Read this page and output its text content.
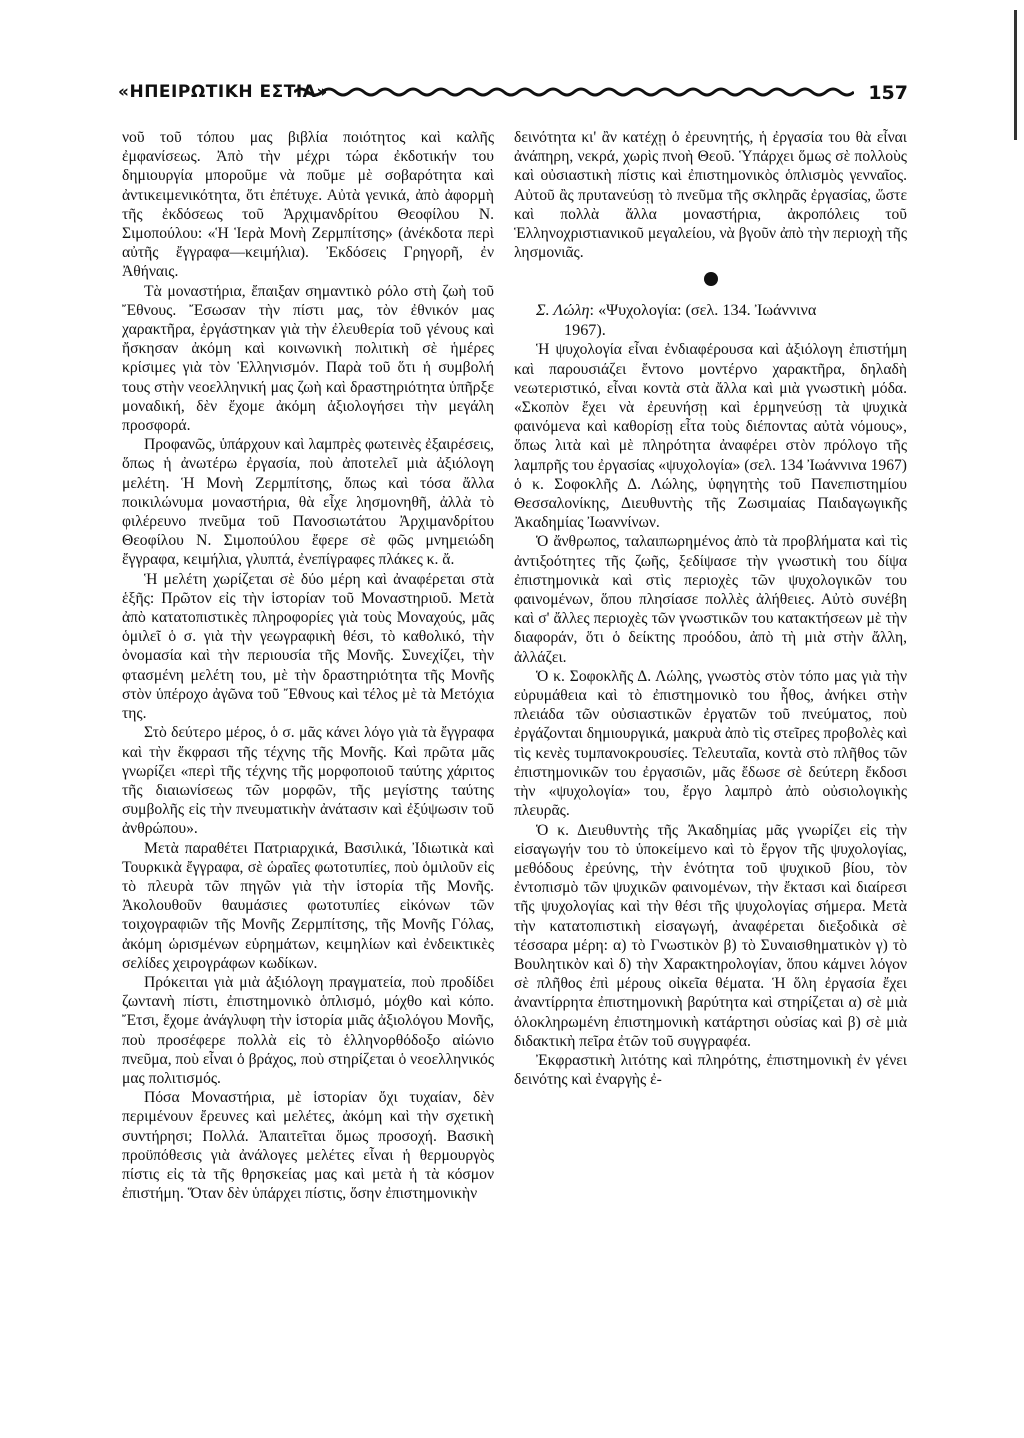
«ΗΠΕΙΡΩΤΙΚΗ ΕΣΤΙΑ»	157

νοῦ τοῦ τόπου μας βιβλία ποιότητος καὶ καλῆς ἐμφανίσεως. Ἀπὸ τὴν μέχρι τώρα ἐκδοτικήν του δημιουργία μποροῦμε νὰ ποῦμε μὲ σοβαρότητα καὶ ἀντικειμενικότητα, ὅτι ἐπέτυχε. Αὐτὰ γενικά, ἀπὸ ἀφορμὴ τῆς ἐκδόσεως τοῦ Ἀρχιμανδρίτου Θεοφίλου Ν. Σιμοπούλου: «Ἡ Ἱερὰ Μονὴ Ζερμπίτσης» (ἀνέκδοτα περὶ αὐτῆς ἔγγραφα—κειμήλια). Ἐκδόσεις Γρηγορῆ, ἐν Ἀθήναις.

Τὰ μοναστήρια, ἔπαιξαν σημαντικὸ ρόλο στὴ ζωὴ τοῦ Ἔθνους. Ἔσωσαν τὴν πίστι μας, τὸν ἐθνικόν μας χαρακτῆρα, ἐργάστηκαν γιὰ τὴν ἐλευθερία τοῦ γένους καὶ ἤσκησαν ἀκόμη καὶ κοινωνικὴ πολιτικὴ σὲ ἡμέρες κρίσιμες γιὰ τὸν Ἑλληνισμόν. Παρὰ τοῦ ὅτι ἡ συμβολή τους στὴν νεοελληνική μας ζωὴ καὶ δραστηριότητα ὑπῆρξε μοναδική, δὲν ἔχομε ἀκόμη ἀξιολογήσει τὴν μεγάλη προσφορά.

Προφανῶς, ὑπάρχουν καὶ λαμπρὲς φωτεινὲς ἐξαιρέσεις, ὅπως ἡ ἀνωτέρω ἐργασία, ποὺ ἀποτελεῖ μιὰ ἀξιόλογη μελέτη. Ἡ Μονὴ Ζερμπίτσης, ὅπως καὶ τόσα ἄλλα ποικιλώνυμα μοναστήρια, θὰ εἶχε λησμονηθῆ, ἀλλὰ τὸ φιλέρευνο πνεῦμα τοῦ Πανοσιωτάτου Ἀρχιμανδρίτου Θεοφίλου Ν. Σιμοπούλου ἔφερε σὲ φῶς μνημειώδη ἔγγραφα, κειμήλια, γλυπτά, ἐνεπίγραφες πλάκες κ. ἄ.

Ἡ μελέτη χωρίζεται σὲ δύο μέρη καὶ ἀναφέρεται στὰ ἑξῆς: Πρῶτον εἰς τὴν ἱστορίαν τοῦ Μοναστηριοῦ. Μετὰ ἀπὸ κατατοπιστικὲς πληροφορίες γιὰ τοὺς Μοναχούς, μᾶς ὁμιλεῖ ὁ σ. γιὰ τὴν γεωγραφικὴ θέσι, τὸ καθολικό, τὴν ὀνομασία καὶ τὴν περιουσία τῆς Μονῆς. Συνεχίζει, τὴν φτασμένη μελέτη του, μὲ τὴν δραστηριότητα τῆς Μονῆς στὸν ὑπέροχο ἀγῶνα τοῦ Ἔθνους καὶ τέλος μὲ τὰ Μετόχια της.

Στὸ δεύτερο μέρος, ὁ σ. μᾶς κάνει λόγο γιὰ τὰ ἔγγραφα καὶ τὴν ἔκφρασι τῆς τέχνης τῆς Μονῆς. Καὶ πρῶτα μᾶς γνωρίζει «περὶ τῆς τέχνης τῆς μορφοποιοῦ ταύτης χάριτος τῆς διαιωνίσεως τῶν μορφῶν, τῆς μεγίστης ταύτης συμβολῆς εἰς τὴν πνευματικὴν ἀνάτασιν καὶ ἐξύψωσιν τοῦ ἀνθρώπου».

Μετὰ παραθέτει Πατριαρχικά, Βασιλικά, Ἰδιωτικὰ καὶ Τουρκικὰ ἔγγραφα, σὲ ὡραῖες φωτοτυπίες, ποὺ ὁμιλοῦν εἰς τὸ πλευρὰ τῶν πηγῶν γιὰ τὴν ἱστορία τῆς Μονῆς. Ἀκολουθοῦν θαυμάσιες φωτοτυπίες εἰκόνων τῶν τοιχογραφιῶν τῆς Μονῆς Ζερμπίτσης, τῆς Μονῆς Γόλας, ἀκόμη ὡρισμένων εὑρημάτων, κειμηλίων καὶ ἐνδεικτικὲς σελίδες χειρογράφων κωδίκων.

Πρόκειται γιὰ μιὰ ἀξιόλογη πραγματεία, ποὺ προδίδει ζωντανὴ πίστι, ἐπιστημονικὸ ὁπλισμό, μόχθο καὶ κόπο. Ἔτσι, ἔχομε ἀνάγλυφη τὴν ἱστορία μιᾶς ἀξιολόγου Μονῆς, ποὺ προσέφερε πολλὰ εἰς τὸ ἑλληνορθόδοξο αἰώνιο πνεῦμα, ποὺ εἶναι ὁ βράχος, ποὺ στηρίζεται ὁ νεοελληνικός μας πολιτισμός.

Πόσα Μοναστήρια, μὲ ἱστορίαν ὄχι τυχαίαν, δὲν περιμένουν ἔρευνες καὶ μελέτες, ἀκόμη καὶ τὴν σχετικὴ συντήρησι; Πολλά. Ἀπαιτεῖται ὅμως προσοχή. Βασικὴ προϋπόθεσις γιὰ ἀνάλογες μελέτες εἶναι ἡ θερμουργὸς πίστις εἰς τὰ τῆς θρησκείας μας καὶ μετὰ ἡ τὰ κόσμον ἐπιστήμη. Ὅταν δὲν ὑπάρχει πίστις, ὅσην ἐπιστημονικὴν

δεινότητα κι' ἂν κατέχῃ ὁ ἐρευνητής, ἡ ἐργασία του θὰ εἶναι ἀνάπηρη, νεκρά, χωρὶς πνοὴ Θεοῦ. Ὑπάρχει ὅμως σὲ πολλοὺς καὶ οὐσιαστικὴ πίστις καὶ ἐπιστημονικὸς ὁπλισμὸς γενναῖος. Αὐτοῦ ἂς πρυτανεύσῃ τὸ πνεῦμα τῆς σκληρᾶς ἐργασίας, ὥστε καὶ πολλὰ ἄλλα μοναστήρια, ἀκροπόλεις τοῦ Ἑλληνοχριστιανικοῦ μεγαλείου, νὰ βγοῦν ἀπὸ τὴν περιοχὴ τῆς λησμονιᾶς.

Σ. Λώλη: «Ψυχολογία: (σελ. 134. Ἰωάννινα
1967).

Ἡ ψυχολογία εἶναι ἐνδιαφέρουσα καὶ ἀξιόλογη ἐπιστήμη καὶ παρουσιάζει ἔντονο μοντέρνο χαρακτῆρα, δηλαδὴ νεωτεριστικό, εἶναι κοντὰ στὰ ἄλλα καὶ μιὰ γνωστικὴ μόδα. «Σκοπὸν ἔχει νὰ ἐρευνήσῃ καὶ ἑρμηνεύσῃ τὰ ψυχικὰ φαινόμενα καὶ καθορίσῃ εἶτα τοὺς διέποντας αὐτὰ νόμους», ὅπως λιτὰ καὶ μὲ πληρότητα ἀναφέρει στὸν πρόλογο τῆς λαμπρῆς του ἐργασίας «ψυχολογία» (σελ. 134 Ἰωάννινα 1967) ὁ κ. Σοφοκλῆς Δ. Λώλης, ὑφηγητὴς τοῦ Πανεπιστημίου Θεσσαλονίκης, Διευθυντὴς τῆς Ζωσιμαίας Παιδαγωγικῆς Ἀκαδημίας Ἰωαννίνων.

Ὁ ἄνθρωπος, ταλαιπωρημένος ἀπὸ τὰ προβλήματα καὶ τὶς ἀντιξοότητες τῆς ζωῆς, ξεδίψασε τὴν γνωστικὴ του δίψα ἐπιστημονικὰ καὶ στὶς περιοχὲς τῶν ψυχολογικῶν του φαινομένων, ὅπου πλησίασε πολλὲς ἀλήθειες. Αὐτὸ συνέβη καὶ σ' ἄλλες περιοχὲς τῶν γνωστικῶν του κατακτήσεων μὲ τὴν διαφοράν, ὅτι ὁ δείκτης προόδου, ἀπὸ τὴ μιὰ στὴν ἄλλη, ἀλλάζει.

Ὁ κ. Σοφοκλῆς Δ. Λώλης, γνωστὸς στὸν τόπο μας γιὰ τὴν εὐρυμάθεια καὶ τὸ ἐπιστημονικὸ του ἦθος, ἀνήκει στὴν πλειάδα τῶν οὐσιαστικῶν ἐργατῶν τοῦ πνεύματος, ποὺ ἐργάζονται δημιουργικά, μακρυὰ ἀπὸ τὶς στεῖρες προβολὲς καὶ τὶς κενὲς τυμπανοκρουσίες. Τελευταῖα, κοντὰ στὸ πλῆθος τῶν ἐπιστημονικῶν του ἐργασιῶν, μᾶς ἔδωσε σὲ δεύτερη ἔκδοσι τὴν «ψυχολογία» του, ἔργο λαμπρὸ ἀπὸ οὐσιολογικὴς πλευρᾶς.

Ὁ κ. Διευθυντὴς τῆς Ἀκαδημίας μᾶς γνωρίζει εἰς τὴν εἰσαγωγήν του τὸ ὑποκείμενο καὶ τὸ ἔργον τῆς ψυχολογίας, μεθόδους ἐρεύνης, τὴν ἑνότητα τοῦ ψυχικοῦ βίου, τὸν ἐντοπισμὸ τῶν ψυχικῶν φαινομένων, τὴν ἔκτασι καὶ διαίρεσι τῆς ψυχολογίας καὶ τὴν θέσι τῆς ψυχολογίας σήμερα. Μετὰ τὴν κατατοπιστικὴ εἰσαγωγή, ἀναφέρεται διεξοδικὰ σὲ τέσσαρα μέρη: α) τὸ Γνωστικὸν β) τὸ Συναισθηματικὸν γ) τὸ Βουλητικὸν καὶ δ) τὴν Χαρακτηρολογίαν, ὅπου κάμνει λόγον σὲ πλῆθος ἐπὶ μέρους οἰκεῖα θέματα. Ἡ ὅλη ἐργασία ἔχει ἀναντίρρητα ἐπιστημονικὴ βαρύτητα καὶ στηρίζεται α) σὲ μιὰ ὁλοκληρωμένη ἐπιστημονικὴ κατάρτησι οὐσίας καὶ β) σὲ μιὰ διδακτικὴ πεῖρα ἐτῶν τοῦ συγγραφέα.

Ἐκφραστικὴ λιτότης καὶ πληρότης, ἐπιστημονικὴ ἐν γένει δεινότης καὶ ἐναργὴς ἐ-
